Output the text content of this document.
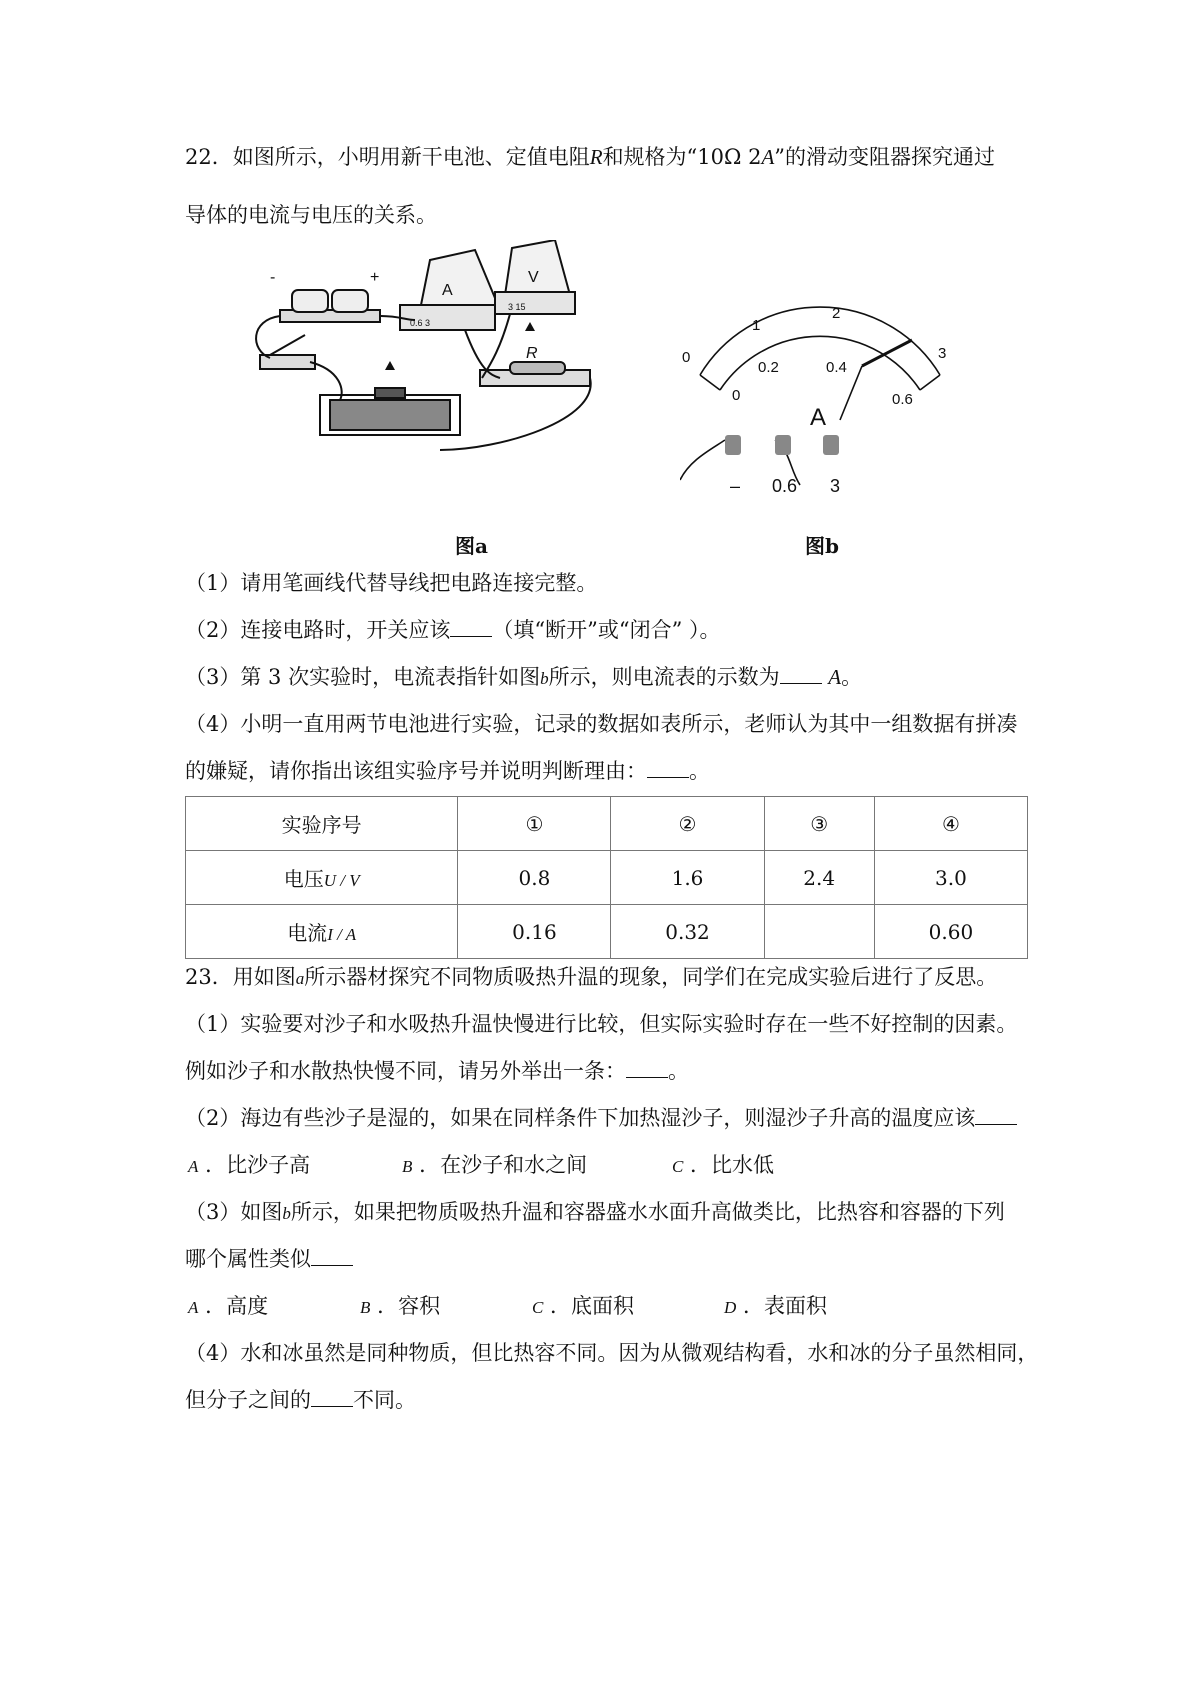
22．如图所示，小明用新干电池、定值电阻R和规格为“10Ω 2A”的滑动变阻器探究通过
导体的电流与电压的关系。
-	+
A
V
R
0.6 3
3 15
图a
0
1
2
3
0
0.2	0.4
0.6
A
– 0.6 3
图b
（1）请用笔画线代替导线把电路连接完整。
（2）连接电路时，开关应该 （填“断开”或“闭合” ）。
（3）第 3 次实验时，电流表指针如图b所示，则电流表的示数为 A。
（4）小明一直用两节电池进行实验，记录的数据如表所示，老师认为其中一组数据有拼凑
的嫌疑，请你指出该组实验序号并说明判断理由： 。
实验序号	①	②	③	④
电压U / V	0.8	1.6	2.4	3.0
电流I / A	0.16	0.32		0.60
23．用如图a所示器材探究不同物质吸热升温的现象，同学们在完成实验后进行了反思。
（1）实验要对沙子和水吸热升温快慢进行比较，但实际实验时存在一些不好控制的因素。
例如沙子和水散热快慢不同，请另外举出一条： 。
（2）海边有些沙子是湿的，如果在同样条件下加热湿沙子，则湿沙子升高的温度应该
A ．比沙子高	B ．在沙子和水之间	C ．比水低
（3）如图b所示，如果把物质吸热升温和容器盛水水面升高做类比，比热容和容器的下列
哪个属性类似
A ．高度	B ．容积	C ．底面积	D ．表面积
（4）水和冰虽然是同种物质，但比热容不同。因为从微观结构看，水和冰的分子虽然相同，
但分子之间的 不同。
